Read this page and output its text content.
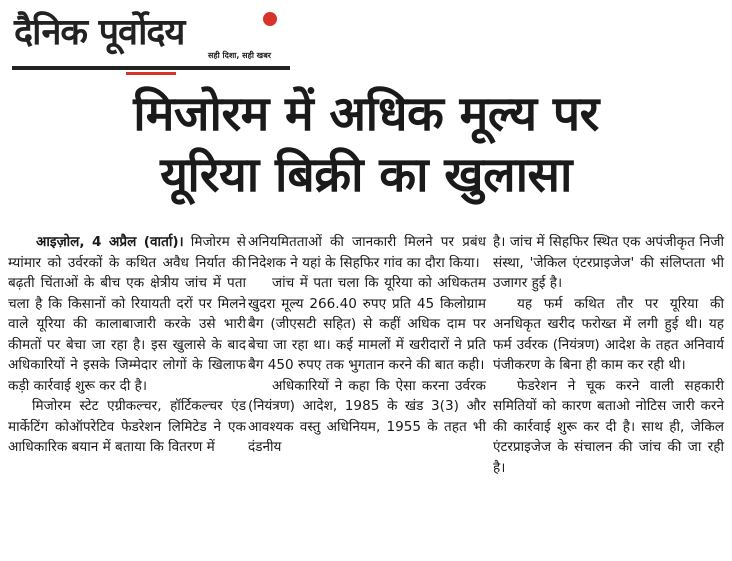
दैनिक पूर्वोदय
सही दिशा, सही खबर
मिजोरम में अधिक मूल्य पर
यूरिया बिक्री का खुलासा

आइज़ोल, 4 अप्रैल (वार्ता)। मिजोरम से म्यांमार को उर्वरकों के कथित अवैध निर्यात की बढ़ती चिंताओं के बीच एक क्षेत्रीय जांच में पता चला है कि किसानों को रियायती दरों पर मिलने वाले यूरिया की कालाबाजारी करके उसे भारी कीमतों पर बेचा जा रहा है। इस खुलासे के बाद अधिकारियों ने इसके जिम्मेदार लोगों के खिलाफ कड़ी कार्रवाई शुरू कर दी है।

मिजोरम स्टेट एग्रीकल्चर, हॉर्टिकल्चर एंड मार्केटिंग कोऑपरेटिव फेडरेशन लिमिटेड ने एक आधिकारिक बयान में बताया कि वितरण में

अनियमितताओं की जानकारी मिलने पर प्रबंध निदेशक ने यहां के सिहफिर गांव का दौरा किया।

जांच में पता चला कि यूरिया को अधिकतम खुदरा मूल्य 266.40 रुपए प्रति 45 किलोग्राम बैग (जीएसटी सहित) से कहीं अधिक दाम पर बेचा जा रहा था। कई मामलों में खरीदारों ने प्रति बैग 450 रुपए तक भुगतान करने की बात कही।

अधिकारियों ने कहा कि ऐसा करना उर्वरक (नियंत्रण) आदेश, 1985 के खंड 3(3) और आवश्यक वस्तु अधिनियम, 1955 के तहत भी दंडनीय

है। जांच में सिहफिर स्थित एक अपंजीकृत निजी संस्था, 'जेकिल एंटरप्राइजेज' की संलिप्तता भी उजागर हुई है।

यह फर्म कथित तौर पर यूरिया की अनधिकृत खरीद फरोख्त में लगी हुई थी। यह फर्म उर्वरक (नियंत्रण) आदेश के तहत अनिवार्य पंजीकरण के बिना ही काम कर रही थी।

फेडरेशन ने चूक करने वाली सहकारी समितियों को कारण बताओ नोटिस जारी करने की कार्रवाई शुरू कर दी है। साथ ही, जेकिल एंटरप्राइजेज के संचालन की जांच की जा रही है।
